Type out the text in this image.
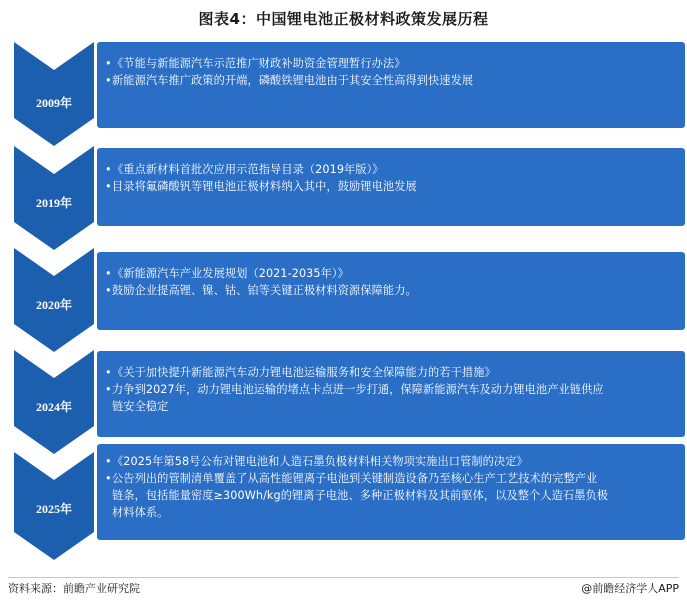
图表4：中国锂电池正极材料政策发展历程
2009年
•《节能与新能源汽车示范推广财政补助资金管理暂行办法》
•新能源汽车推广政策的开端，磷酸铁锂电池由于其安全性高得到快速发展
2019年
•《重点新材料首批次应用示范指导目录（2019年版）》
•目录将氟磷酸钒等锂电池正极材料纳入其中，鼓励锂电池发展
2020年
•《新能源汽车产业发展规划（2021-2035年）》
•鼓励企业提高锂、镍、钴、铂等关键正极材料资源保障能力。
2024年
•《关于加快提升新能源汽车动力锂电池运输服务和安全保障能力的若干措施》
•力争到2027年，动力锂电池运输的堵点卡点进一步打通，保障新能源汽车及动力锂电池产业链供应
链安全稳定
2025年
•《2025年第58号公布对锂电池和人造石墨负极材料相关物项实施出口管制的决定》
•公告列出的管制清单覆盖了从高性能锂离子电池到关键制造设备乃至核心生产工艺技术的完整产业
链条，包括能量密度≥300Wh/kg的锂离子电池、多种正极材料及其前驱体，以及整个人造石墨负极
材料体系。
资料来源：前瞻产业研究院	@前瞻经济学人APP
